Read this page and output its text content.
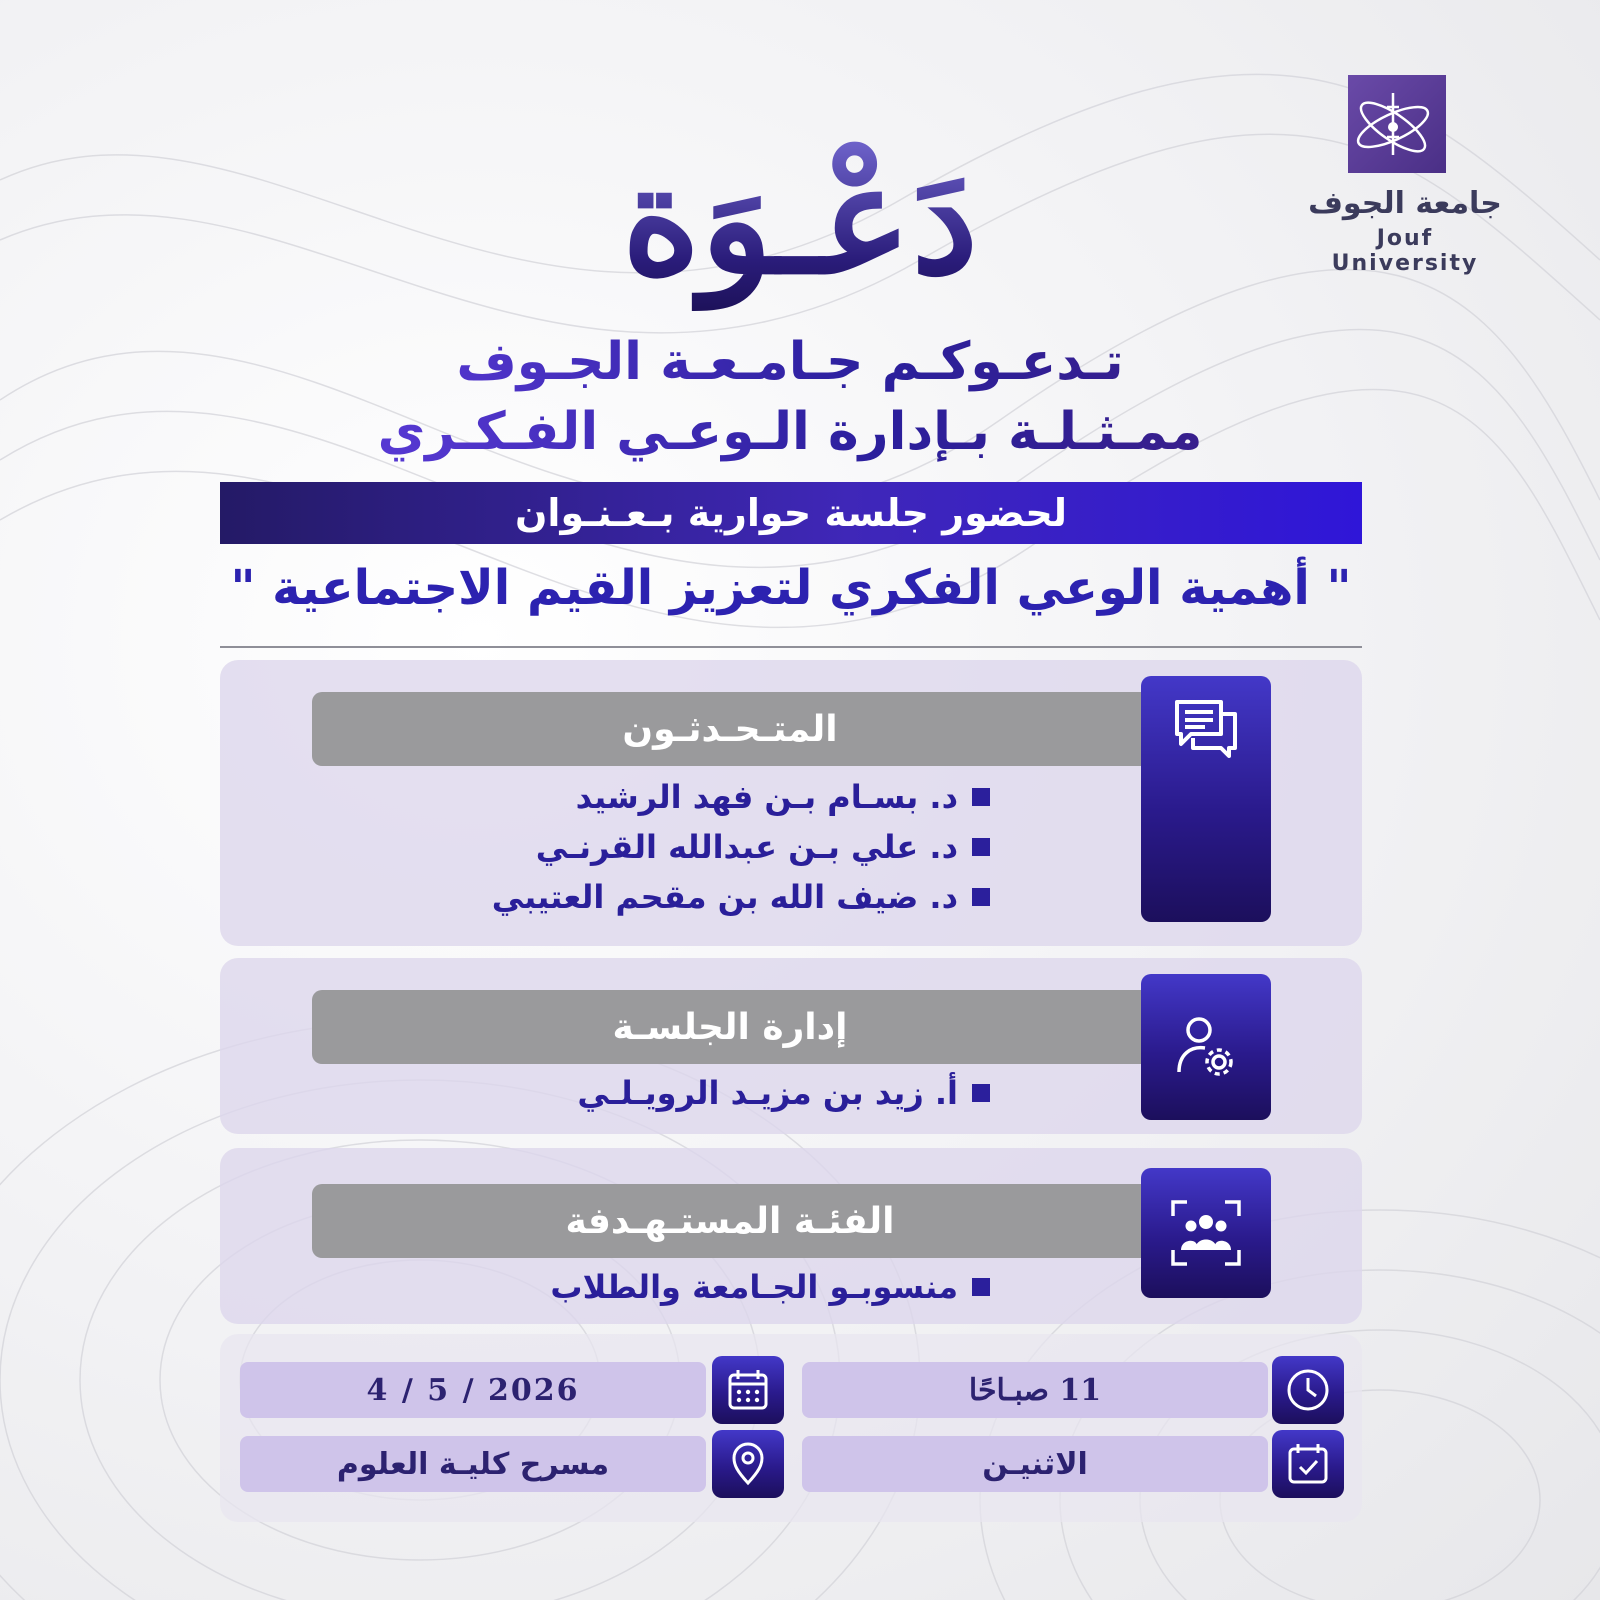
جامعة الجوف
Jouf University
دَعْـوَة
تـدعـوكـم جـامـعـة الجـوف
ممـثـلـة بـإدارة الـوعـي الفـكـري
لحضور جلسة حوارية بـعـنـوان
" أهمية الوعي الفكري لتعزيز القيم الاجتماعية "
المتـحـدثـون
د. بسـام بـن فهد الرشيد
د. علي بـن عبدالله القرنـي
د. ضيف الله بن مقحم العتيبي
إدارة الجلسـة
أ. زيد بن مزيـد الرويـلـي
الفئـة المستـهـدفة
منسوبـو الجـامعة والطلاب
11 صبـاحًا
الاثنيـن
4 / 5 / 2026
مسرح كليـة العلوم
